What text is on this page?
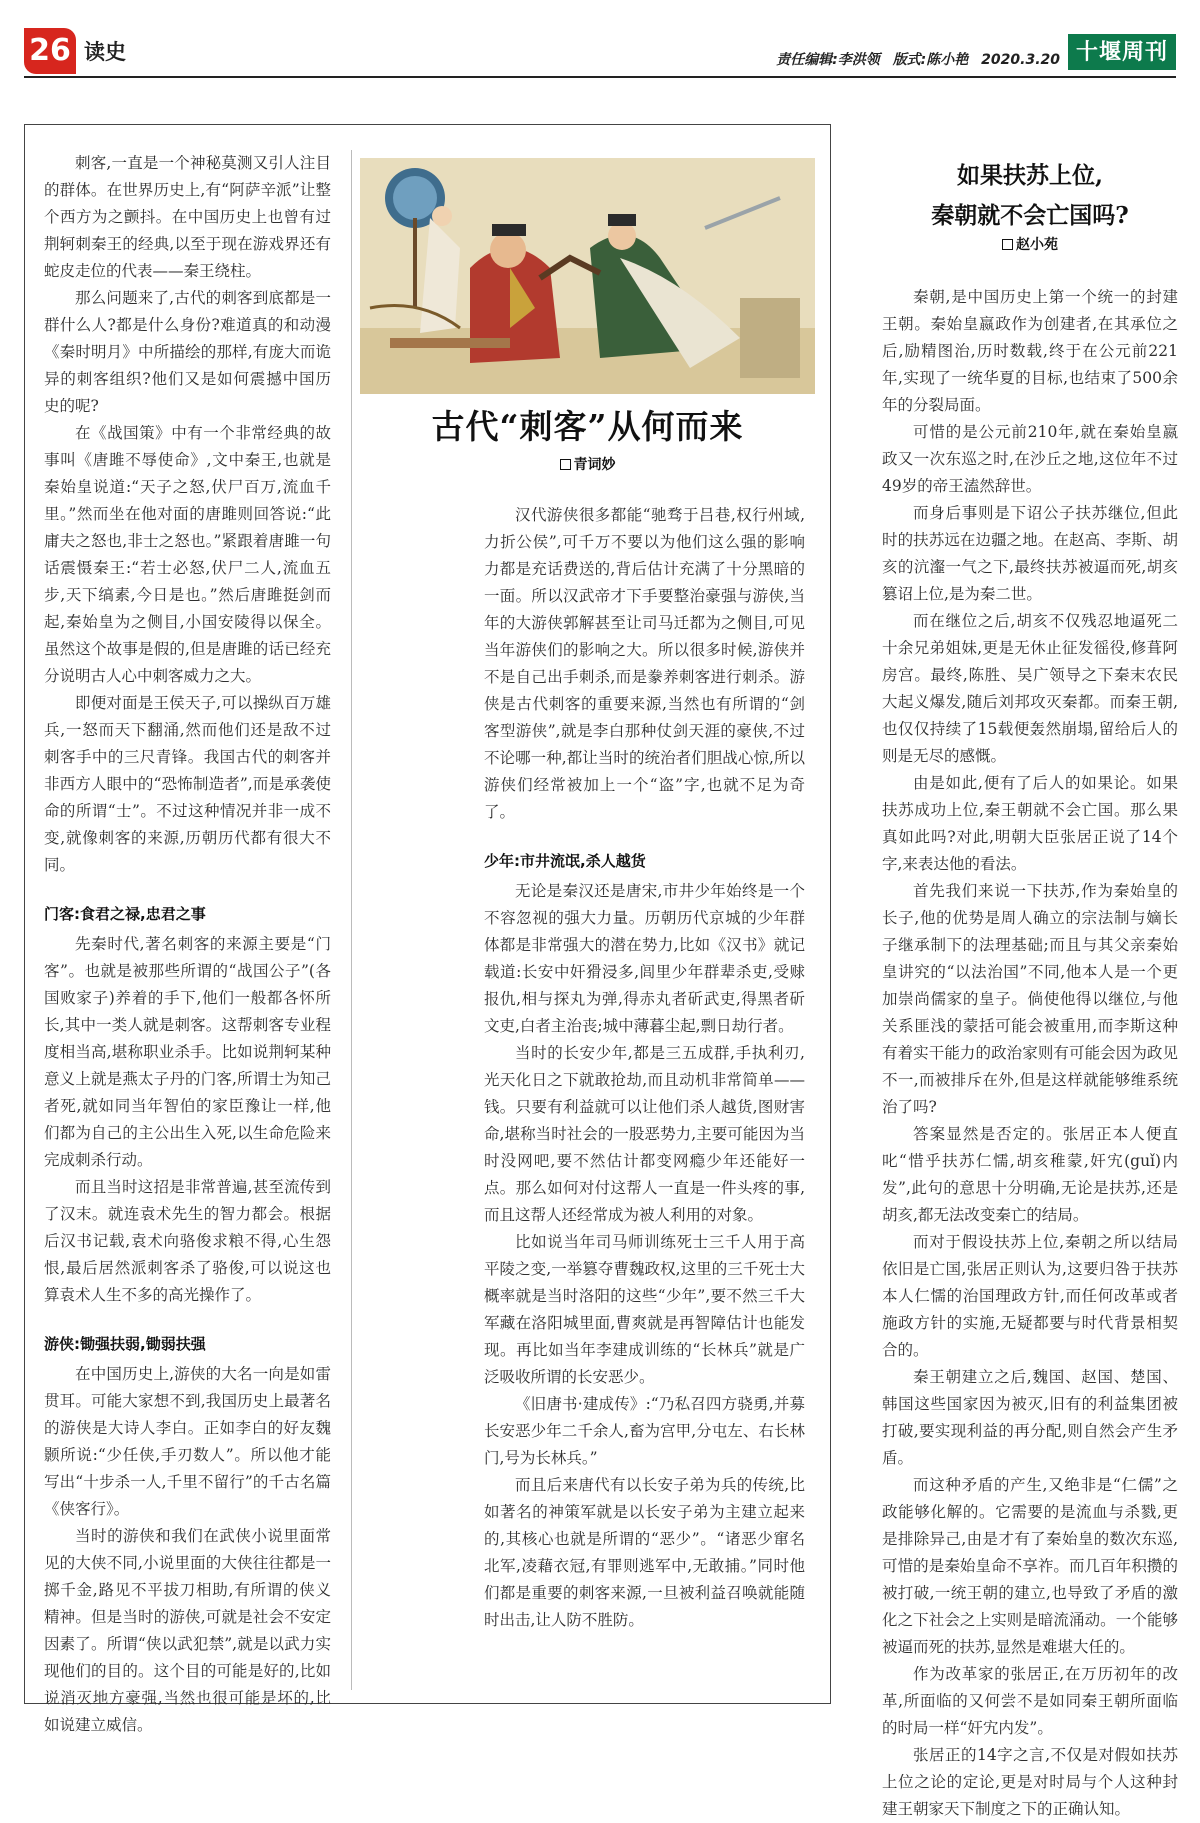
26 读史	责任编辑:李洪领 版式:陈小艳 2020.3.20 十堰周刊
古代“刺客”从何而来
青词妙

刺客,一直是一个神秘莫测又引人注目的群体。在世界历史上,有“阿萨辛派”让整个西方为之颤抖。在中国历史上也曾有过荆轲刺秦王的经典,以至于现在游戏界还有蛇皮走位的代表——秦王绕柱。

那么问题来了,古代的刺客到底都是一群什么人?都是什么身份?难道真的和动漫《秦时明月》中所描绘的那样,有庞大而诡异的刺客组织?他们又是如何震撼中国历史的呢?

在《战国策》中有一个非常经典的故事叫《唐雎不辱使命》,文中秦王,也就是秦始皇说道:“天子之怒,伏尸百万,流血千里。”然而坐在他对面的唐雎则回答说:“此庸夫之怒也,非士之怒也。”紧跟着唐雎一句话震慑秦王:“若士必怒,伏尸二人,流血五步,天下缟素,今日是也。”然后唐雎挺剑而起,秦始皇为之侧目,小国安陵得以保全。虽然这个故事是假的,但是唐雎的话已经充分说明古人心中刺客威力之大。

即便对面是王侯天子,可以操纵百万雄兵,一怒而天下翻涌,然而他们还是敌不过刺客手中的三尺青锋。我国古代的刺客并非西方人眼中的“恐怖制造者”,而是承袭使命的所谓“士”。不过这种情况并非一成不变,就像刺客的来源,历朝历代都有很大不同。

门客:食君之禄,忠君之事

先秦时代,著名刺客的来源主要是“门客”。也就是被那些所谓的“战国公子”(各国败家子)养着的手下,他们一般都各怀所长,其中一类人就是刺客。这帮刺客专业程度相当高,堪称职业杀手。比如说荆轲某种意义上就是燕太子丹的门客,所谓士为知己者死,就如同当年智伯的家臣豫让一样,他们都为自己的主公出生入死,以生命危险来完成刺杀行动。

而且当时这招是非常普遍,甚至流传到了汉末。就连袁术先生的智力都会。根据后汉书记载,袁术向骆俊求粮不得,心生怨恨,最后居然派刺客杀了骆俊,可以说这也算袁术人生不多的高光操作了。

游侠:锄强扶弱,锄弱扶强

在中国历史上,游侠的大名一向是如雷贯耳。可能大家想不到,我国历史上最著名的游侠是大诗人李白。正如李白的好友魏颢所说:“少任侠,手刃数人”。所以他才能写出“十步杀一人,千里不留行”的千古名篇《侠客行》。

当时的游侠和我们在武侠小说里面常见的大侠不同,小说里面的大侠往往都是一掷千金,路见不平拔刀相助,有所谓的侠义精神。但是当时的游侠,可就是社会不安定因素了。所谓“侠以武犯禁”,就是以武力实现他们的目的。这个目的可能是好的,比如说消灭地方豪强,当然也很可能是坏的,比如说建立威信。

汉代游侠很多都能“驰骛于吕巷,权行州域,力折公侯”,可千万不要以为他们这么强的影响力都是充话费送的,背后估计充满了十分黑暗的一面。所以汉武帝才下手要整治豪强与游侠,当年的大游侠郭解甚至让司马迁都为之侧目,可见当年游侠们的影响之大。所以很多时候,游侠并不是自己出手刺杀,而是豢养刺客进行刺杀。游侠是古代刺客的重要来源,当然也有所谓的“剑客型游侠”,就是李白那种仗剑天涯的豪侠,不过不论哪一种,都让当时的统治者们胆战心惊,所以游侠们经常被加上一个“盗”字,也就不足为奇了。

少年:市井流氓,杀人越货

无论是秦汉还是唐宋,市井少年始终是一个不容忽视的强大力量。历朝历代京城的少年群体都是非常强大的潜在势力,比如《汉书》就记载道:长安中奸猾浸多,闾里少年群辈杀吏,受赇报仇,相与探丸为弹,得赤丸者斫武吏,得黑者斫文吏,白者主治丧;城中薄暮尘起,剽日劫行者。

当时的长安少年,都是三五成群,手执利刃,光天化日之下就敢抢劫,而且动机非常简单——钱。只要有利益就可以让他们杀人越货,图财害命,堪称当时社会的一股恶势力,主要可能因为当时没网吧,要不然估计都变网瘾少年还能好一点。那么如何对付这帮人一直是一件头疼的事,而且这帮人还经常成为被人利用的对象。

比如说当年司马师训练死士三千人用于高平陵之变,一举篡夺曹魏政权,这里的三千死士大概率就是当时洛阳的这些“少年”,要不然三千大军藏在洛阳城里面,曹爽就是再智障估计也能发现。再比如当年李建成训练的“长林兵”就是广泛吸收所谓的长安恶少。

《旧唐书·建成传》:“乃私召四方骁勇,并募长安恶少年二千余人,畜为宫甲,分屯左、右长林门,号为长林兵。”

而且后来唐代有以长安子弟为兵的传统,比如著名的神策军就是以长安子弟为主建立起来的,其核心也就是所谓的“恶少”。“诸恶少窜名北军,凌藉衣冠,有罪则逃军中,无敢捕。”同时他们都是重要的刺客来源,一旦被利益召唤就能随时出击,让人防不胜防。

如果扶苏上位,
秦朝就不会亡国吗?
赵小苑

秦朝,是中国历史上第一个统一的封建王朝。秦始皇嬴政作为创建者,在其承位之后,励精图治,历时数载,终于在公元前221年,实现了一统华夏的目标,也结束了500余年的分裂局面。

可惜的是公元前210年,就在秦始皇嬴政又一次东巡之时,在沙丘之地,这位年不过49岁的帝王溘然辞世。

而身后事则是下诏公子扶苏继位,但此时的扶苏远在边疆之地。在赵高、李斯、胡亥的沆瀣一气之下,最终扶苏被逼而死,胡亥篡诏上位,是为秦二世。

而在继位之后,胡亥不仅残忍地逼死二十余兄弟姐妹,更是无休止征发徭役,修葺阿房宫。最终,陈胜、吴广领导之下秦末农民大起义爆发,随后刘邦攻灭秦都。而秦王朝,也仅仅持续了15载便轰然崩塌,留给后人的则是无尽的感慨。

由是如此,便有了后人的如果论。如果扶苏成功上位,秦王朝就不会亡国。那么果真如此吗?对此,明朝大臣张居正说了14个字,来表达他的看法。

首先我们来说一下扶苏,作为秦始皇的长子,他的优势是周人确立的宗法制与嫡长子继承制下的法理基础;而且与其父亲秦始皇讲究的“以法治国”不同,他本人是一个更加崇尚儒家的皇子。倘使他得以继位,与他关系匪浅的蒙括可能会被重用,而李斯这种有着实干能力的政治家则有可能会因为政见不一,而被排斥在外,但是这样就能够维系统治了吗?

答案显然是否定的。张居正本人便直叱“惜乎扶苏仁懦,胡亥稚蒙,奸宄(guǐ)内发”,此句的意思十分明确,无论是扶苏,还是胡亥,都无法改变秦亡的结局。

而对于假设扶苏上位,秦朝之所以结局依旧是亡国,张居正则认为,这要归咎于扶苏本人仁懦的治国理政方针,而任何改革或者施政方针的实施,无疑都要与时代背景相契合的。

秦王朝建立之后,魏国、赵国、楚国、韩国这些国家因为被灭,旧有的利益集团被打破,要实现利益的再分配,则自然会产生矛盾。

而这种矛盾的产生,又绝非是“仁儒”之政能够化解的。它需要的是流血与杀戮,更是排除异己,由是才有了秦始皇的数次东巡,可惜的是秦始皇命不享祚。而几百年积攒的被打破,一统王朝的建立,也导致了矛盾的激化之下社会之上实则是暗流涌动。一个能够被逼而死的扶苏,显然是难堪大任的。

作为改革家的张居正,在万历初年的改革,所面临的又何尝不是如同秦王朝所面临的时局一样“奸宄内发”。

张居正的14字之言,不仅是对假如扶苏上位之论的定论,更是对时局与个人这种封建王朝家天下制度之下的正确认知。
